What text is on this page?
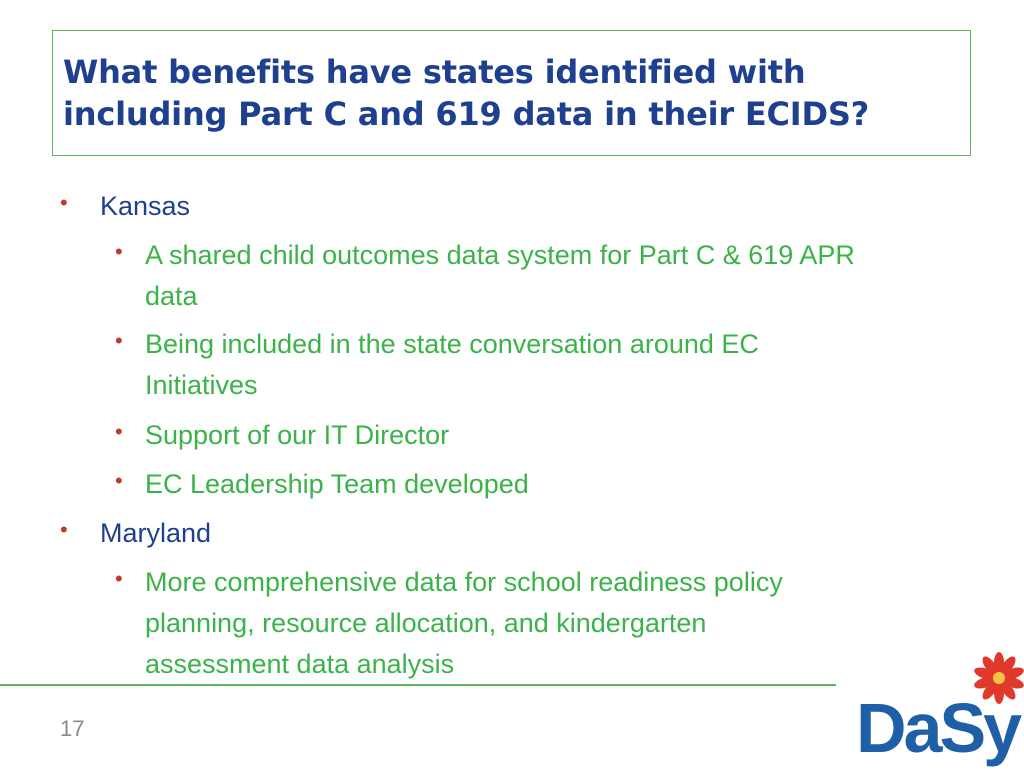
What benefits have states identified with
including Part C and 619 data in their ECIDS?
• Kansas
• A shared child outcomes data system for Part C & 619 APR
data
• Being included in the state conversation around EC
Initiatives
• Support of our IT Director
• EC Leadership Team developed
• Maryland
• More comprehensive data for school readiness policy
planning, resource allocation, and kindergarten
assessment data analysis
17	DaSy
